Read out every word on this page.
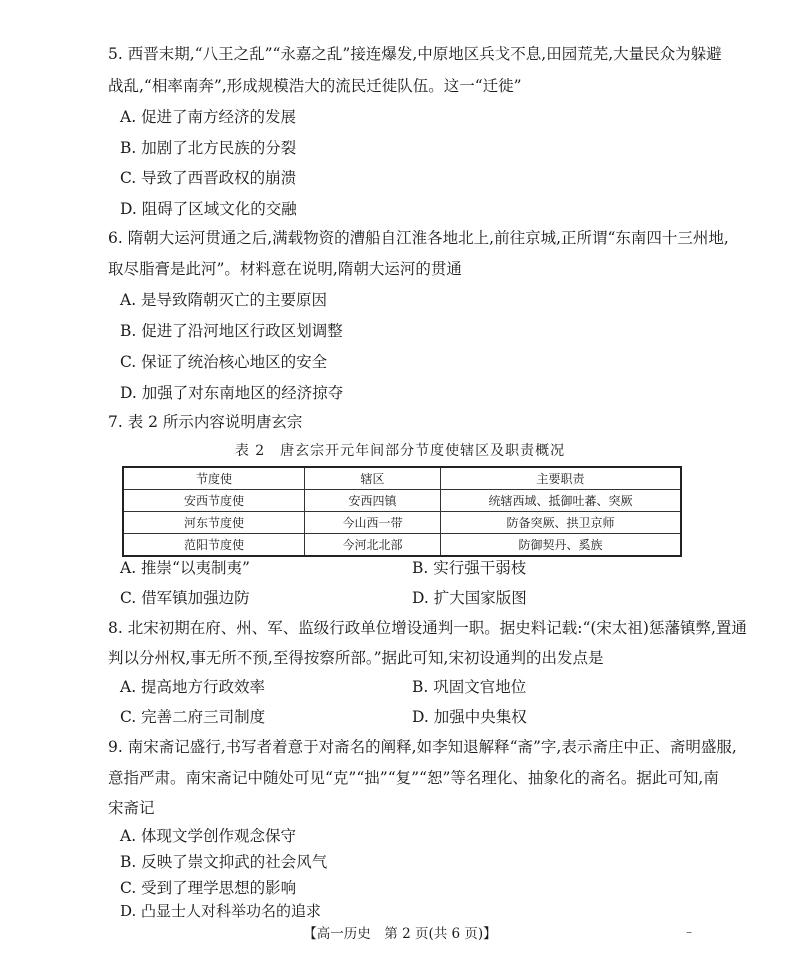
5. 西晋末期,“八王之乱”“永嘉之乱”接连爆发,中原地区兵戈不息,田园荒芜,大量民众为躲避
战乱,“相率南奔”,形成规模浩大的流民迁徙队伍。这一“迁徙”
A. 促进了南方经济的发展
B. 加剧了北方民族的分裂
C. 导致了西晋政权的崩溃
D. 阻碍了区域文化的交融
6. 隋朝大运河贯通之后,满载物资的漕船自江淮各地北上,前往京城,正所谓“东南四十三州地,
取尽脂膏是此河”。材料意在说明,隋朝大运河的贯通
A. 是导致隋朝灭亡的主要原因
B. 促进了沿河地区行政区划调整
C. 保证了统治核心地区的安全
D. 加强了对东南地区的经济掠夺
7. 表 2 所示内容说明唐玄宗
表 2　唐玄宗开元年间部分节度使辖区及职责概况
节度使	辖区	主要职责
安西节度使	安西四镇	统辖西域、抵御吐蕃、突厥
河东节度使	今山西一带	防备突厥、拱卫京师
范阳节度使	今河北北部	防御契丹、奚族
A. 推崇“以夷制夷”	B. 实行强干弱枝
C. 借军镇加强边防	D. 扩大国家版图
8. 北宋初期在府、州、军、监级行政单位增设通判一职。据史料记载:“(宋太祖)惩藩镇弊,置通
判以分州权,事无所不预,至得按察所部。”据此可知,宋初设通判的出发点是
A. 提高地方行政效率	B. 巩固文官地位
C. 完善二府三司制度	D. 加强中央集权
9. 南宋斋记盛行,书写者着意于对斋名的阐释,如李知退解释“斋”字,表示斋庄中正、斋明盛服,
意指严肃。南宋斋记中随处可见“克”“拙”“复”“恕”等名理化、抽象化的斋名。据此可知,南
宋斋记
A. 体现文学创作观念保守
B. 反映了崇文抑武的社会风气
C. 受到了理学思想的影响
【高一历史　第 2 页(共 6 页)】	–
D. 凸显士人对科举功名的追求
